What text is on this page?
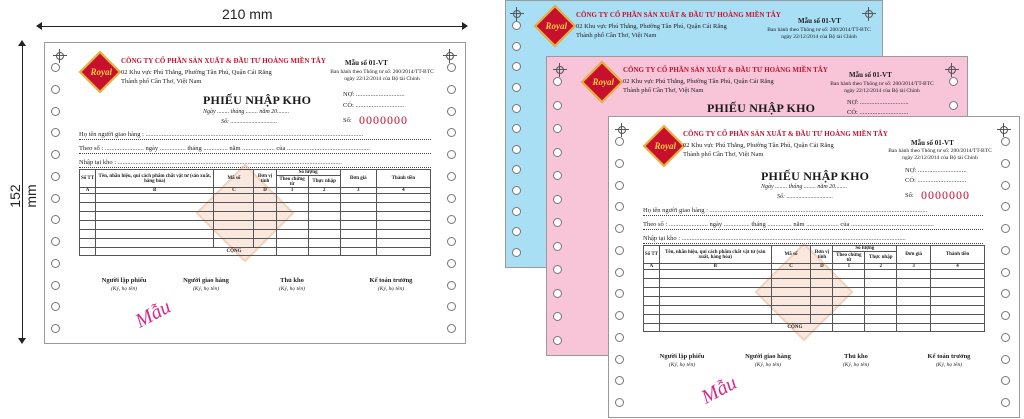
210 mm
152 mm
Royal
CÔNG TY CỔ PHẦN SẢN XUẤT & ĐẦU TƯ HOÀNG MIỀN TÂY
02 Khu vực Phú Thắng, Phường Tân Phú, Quận Cái Răng
Thành phố Cần Thơ, Việt Nam
Mẫu số 01-VT
Ban hành theo Thông tư số: 200/2014/TT-BTC
ngày 22/12/2014 của Bộ tài Chính
PHIẾU NHẬP KHO
Ngày ........ tháng ........ năm 20........
Số: ...............................
NỢ: ..............................
CÓ: ..............................
Số: 0000000
Họ tên người giao hàng : ......................................................................................................................................
Theo số : ........................ ngày ................ tháng ............... năm .................... của ...................................................
Nhập tại kho : ..........................................................................................................................................
Số TT	Tên, nhãn hiệu, qui cách phẩm chất vật tư (sản xuất, hàng hóa)	Mã số	Đơn vị tính	Số lượng		Đơn giá	Thành tiền
				Theo chứng từ	Thực nhập		
A	B	C	D	1	2	3	4

	CỘNG						
Người lập phiếu
(Ký, họ tên)
Người giao hàng
(Ký, họ tên)
Thủ kho
(Ký, họ tên)
Kế toán trưởng
(Ký, họ tên)
Mẫu
Royal
CÔNG TY CỔ PHẦN SẢN XUẤT & ĐẦU TƯ HOÀNG MIỀN TÂY
02 Khu vực Phú Thắng, Phường Tân Phú, Quận Cái Răng
Thành phố Cần Thơ, Việt Nam
Mẫu số 01-VT
Ban hành theo Thông tư số: 200/2014/TT-BTC
ngày 22/12/2014 của Bộ tài Chính
Royal
CÔNG TY CỔ PHẦN SẢN XUẤT & ĐẦU TƯ HOÀNG MIỀN TÂY
02 Khu vực Phú Thắng, Phường Tân Phú, Quận Cái Răng
Thành phố Cần Thơ, Việt Nam
Mẫu số 01-VT
Ban hành theo Thông tư số: 200/2014/TT-BTC
ngày 22/12/2014 của Bộ tài Chính
PHIẾU NHẬP KHO	NỢ: ..............................
CÓ: ..............................
Royal
CÔNG TY CỔ PHẦN SẢN XUẤT & ĐẦU TƯ HOÀNG MIỀN TÂY
02 Khu vực Phú Thắng, Phường Tân Phú, Quận Cái Răng
Thành phố Cần Thơ, Việt Nam
Mẫu số 01-VT
Ban hành theo Thông tư số: 200/2014/TT-BTC
ngày 22/12/2014 của Bộ tài Chính
PHIẾU NHẬP KHO
Ngày ........ tháng ........ năm 20........
Số: ...............................
NỢ: ..............................
CÓ: ..............................
Số: 0000000
Họ tên người giao hàng : ......................................................................................................................................
Theo số : ........................ ngày ................ tháng ............... năm .................... của ...................................................
Nhập tại kho : ..........................................................................................................................................
Số TT	Tên, nhãn hiệu, qui cách phẩm chất vật tư (sản xuất, hàng hóa)	Mã số	Đơn vị tính	Số lượng		Đơn giá	Thành tiền
				Theo chứng từ	Thực nhập		
A	B	C	D	1	2	3	4

	CỘNG						
Người lập phiếu
(Ký, họ tên)
Người giao hàng
(Ký, họ tên)
Thủ kho
(Ký, họ tên)
Kế toán trưởng
(Ký, họ tên)
Mẫu
